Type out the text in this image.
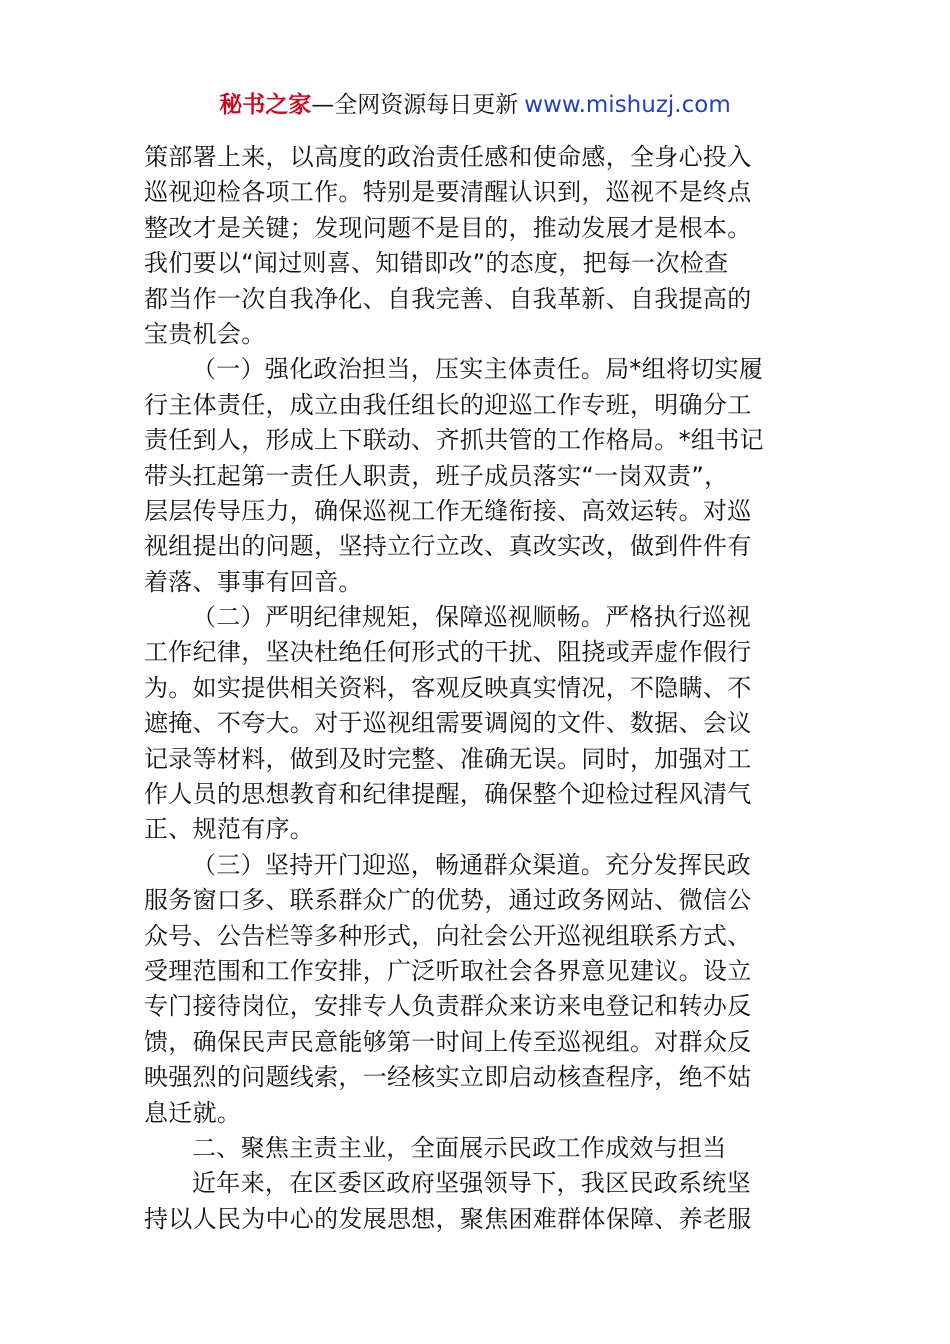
秘书之家—全网资源每日更新 www.mishuzj.com
策部署上来，以高度的政治责任感和使命感，全身心投入
巡视迎检各项工作。特别是要清醒认识到，巡视不是终点
整改才是关键；发现问题不是目的，推动发展才是根本。
我们要以“闻过则喜、知错即改”的态度，把每一次检查
都当作一次自我净化、自我完善、自我革新、自我提高的
宝贵机会。
（一）强化政治担当，压实主体责任。局*组将切实履
行主体责任，成立由我任组长的迎巡工作专班，明确分工
责任到人，形成上下联动、齐抓共管的工作格局。*组书记
带头扛起第一责任人职责，班子成员落实“一岗双责”，
层层传导压力，确保巡视工作无缝衔接、高效运转。对巡
视组提出的问题，坚持立行立改、真改实改，做到件件有
着落、事事有回音。
（二）严明纪律规矩，保障巡视顺畅。严格执行巡视
工作纪律，坚决杜绝任何形式的干扰、阻挠或弄虚作假行
为。如实提供相关资料，客观反映真实情况，不隐瞒、不
遮掩、不夸大。对于巡视组需要调阅的文件、数据、会议
记录等材料，做到及时完整、准确无误。同时，加强对工
作人员的思想教育和纪律提醒，确保整个迎检过程风清气
正、规范有序。
（三）坚持开门迎巡，畅通群众渠道。充分发挥民政
服务窗口多、联系群众广的优势，通过政务网站、微信公
众号、公告栏等多种形式，向社会公开巡视组联系方式、
受理范围和工作安排，广泛听取社会各界意见建议。设立
专门接待岗位，安排专人负责群众来访来电登记和转办反
馈，确保民声民意能够第一时间上传至巡视组。对群众反
映强烈的问题线索，一经核实立即启动核查程序，绝不姑
息迁就。
二、聚焦主责主业，全面展示民政工作成效与担当
近年来，在区委区政府坚强领导下，我区民政系统坚
持以人民为中心的发展思想，聚焦困难群体保障、养老服
